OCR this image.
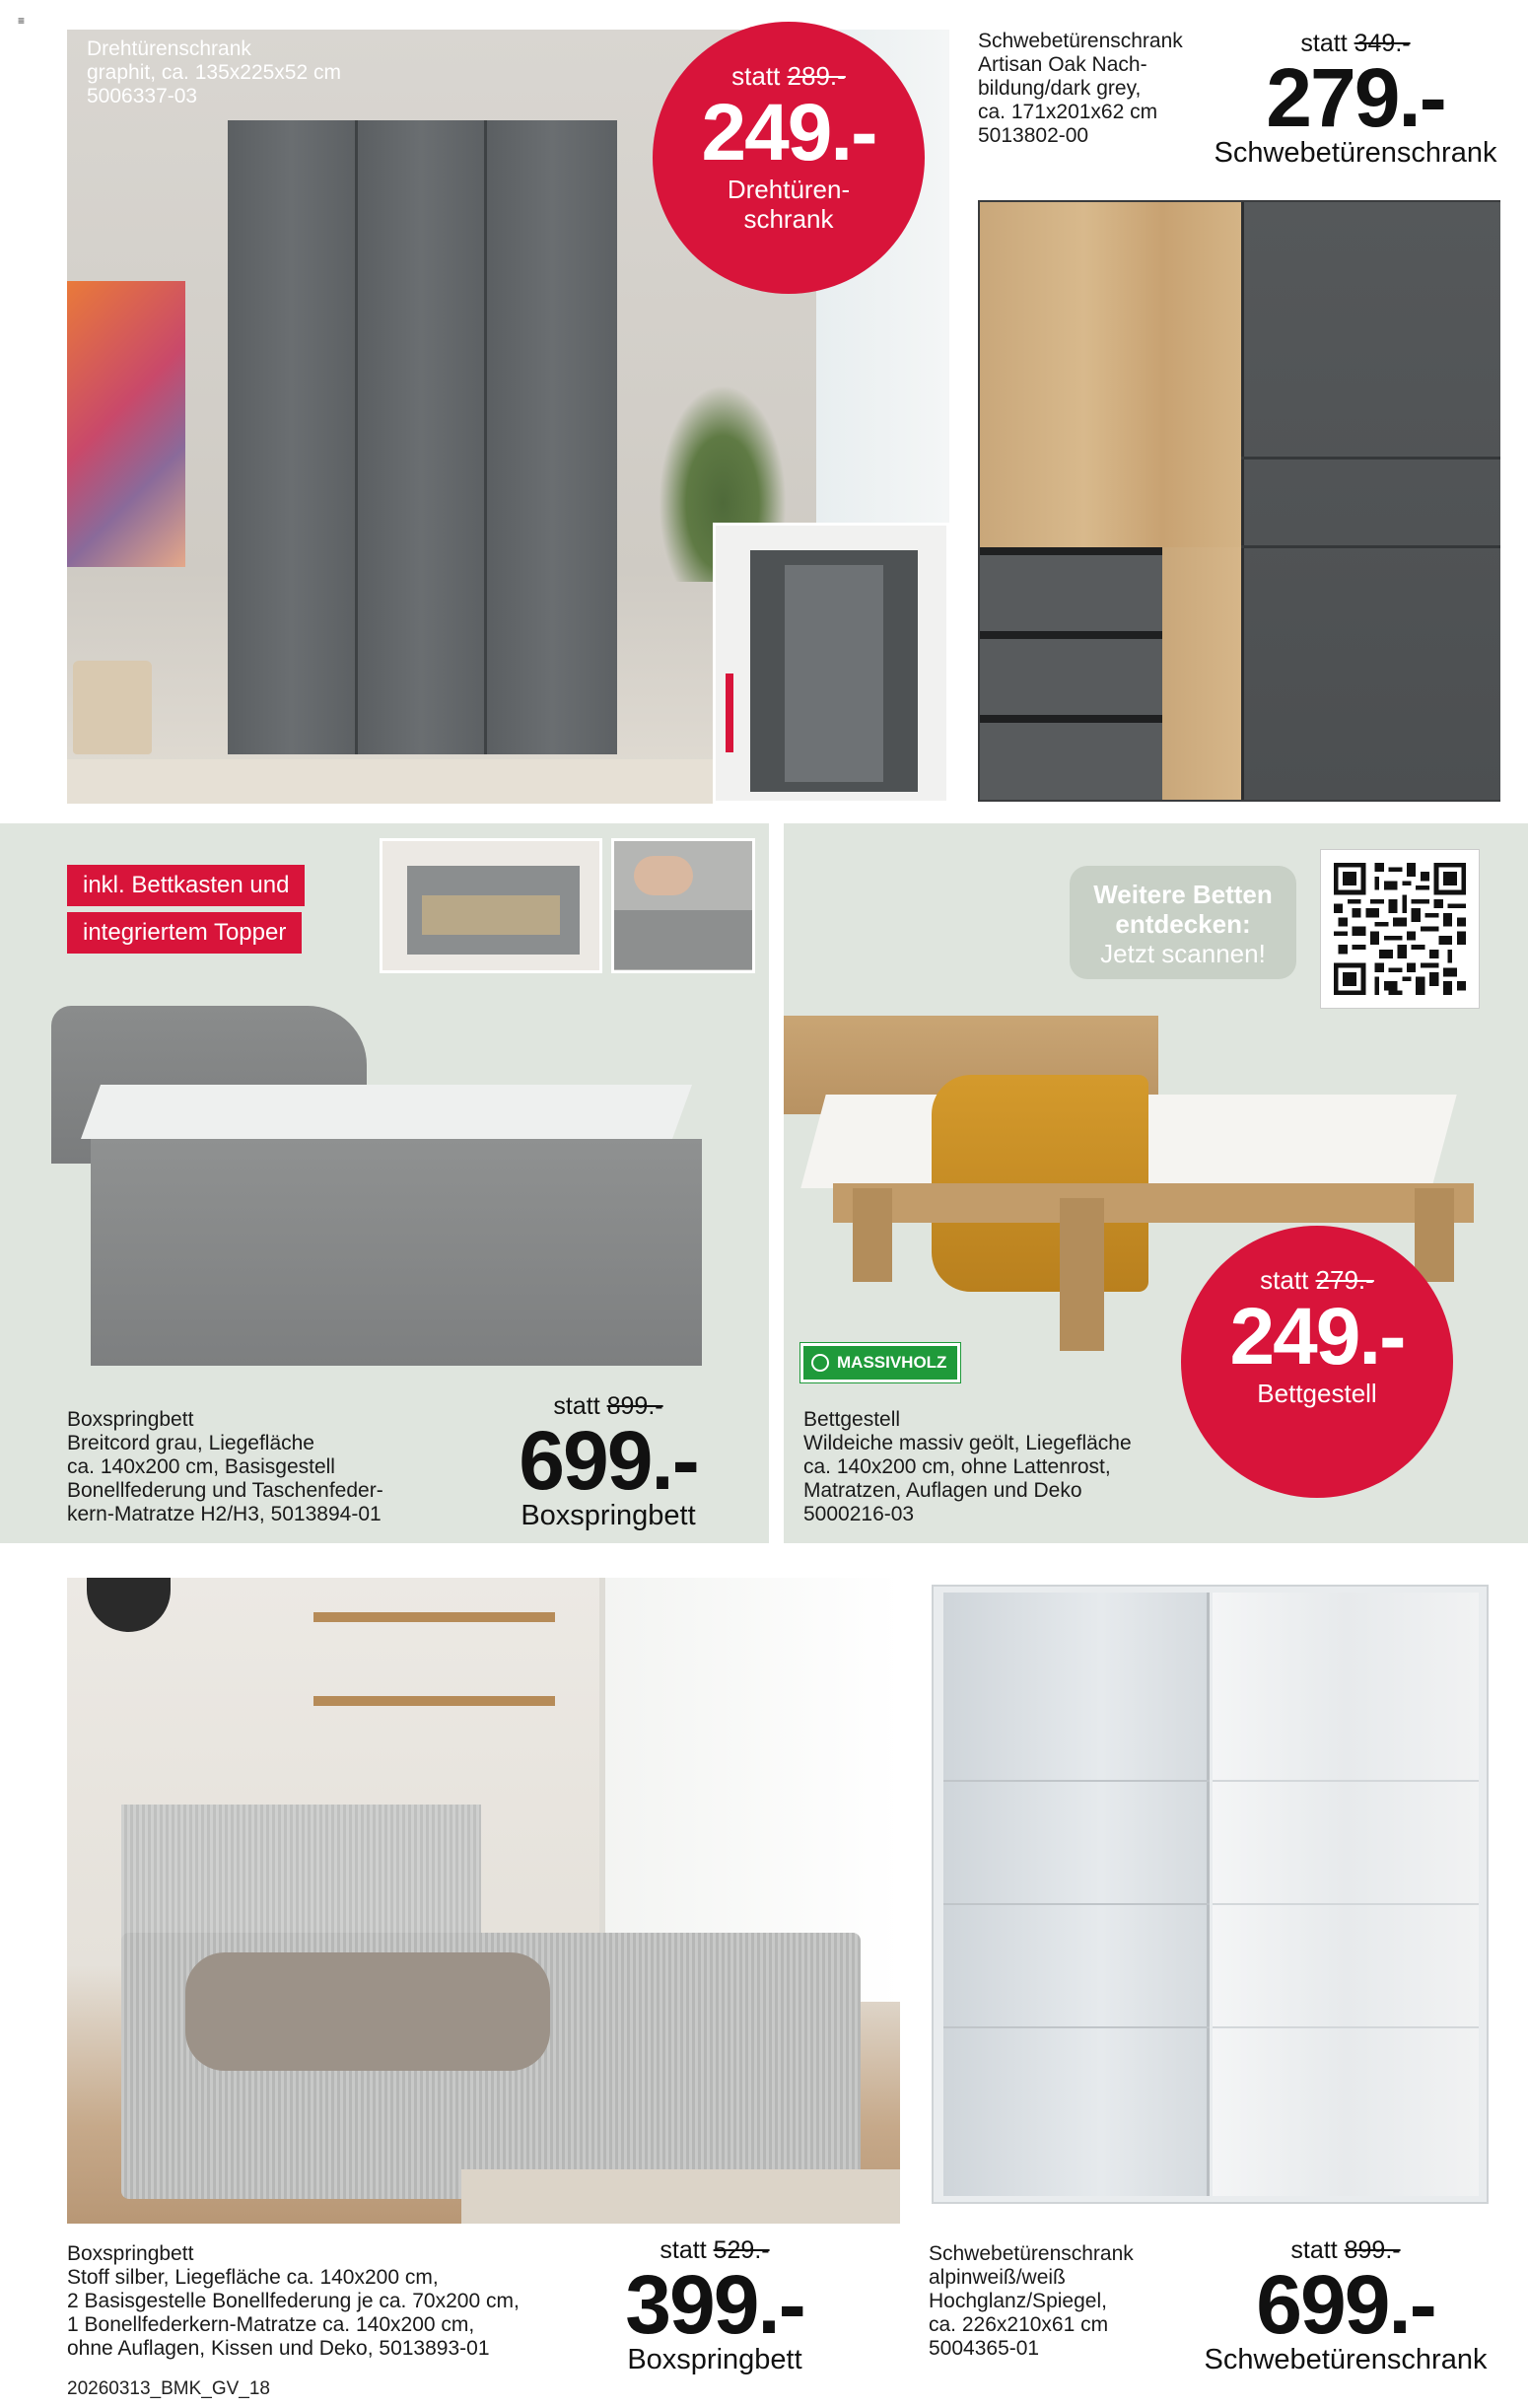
≡
Drehtürenschrank
graphit, ca. 135x225x52 cm
5006337-03
statt 289.-
249.-
Drehtüren-
schrank
Schwebetürenschrank
Artisan Oak Nach-
bildung/dark grey,
ca. 171x201x62 cm
5013802-00
statt 349.-
279.-
Schwebetürenschrank
inkl. Bettkasten und
integriertem Topper
Boxspringbett
Breitcord grau, Liegefläche
ca. 140x200 cm, Basisgestell
Bonellfederung und Taschenfeder-
kern-Matratze H2/H3, 5013894-01
statt 899.-
699.-
Boxspringbett
Weitere Betten
entdecken:
Jetzt scannen!
MASSIVHOLZ
Bettgestell
Wildeiche massiv geölt, Liegefläche
ca. 140x200 cm, ohne Lattenrost,
Matratzen, Auflagen und Deko
5000216-03
statt 279.-
249.-
Bettgestell
Boxspringbett
Stoff silber, Liegefläche ca. 140x200 cm,
2 Basisgestelle Bonellfederung je ca. 70x200 cm,
1 Bonellfederkern-Matratze ca. 140x200 cm,
ohne Auflagen, Kissen und Deko, 5013893-01
statt 529.-
399.-
Boxspringbett
Schwebetürenschrank
alpinweiß/weiß
Hochglanz/Spiegel,
ca. 226x210x61 cm
5004365-01
statt 899.-
699.-
Schwebetürenschrank
20260313_BMK_GV_18
